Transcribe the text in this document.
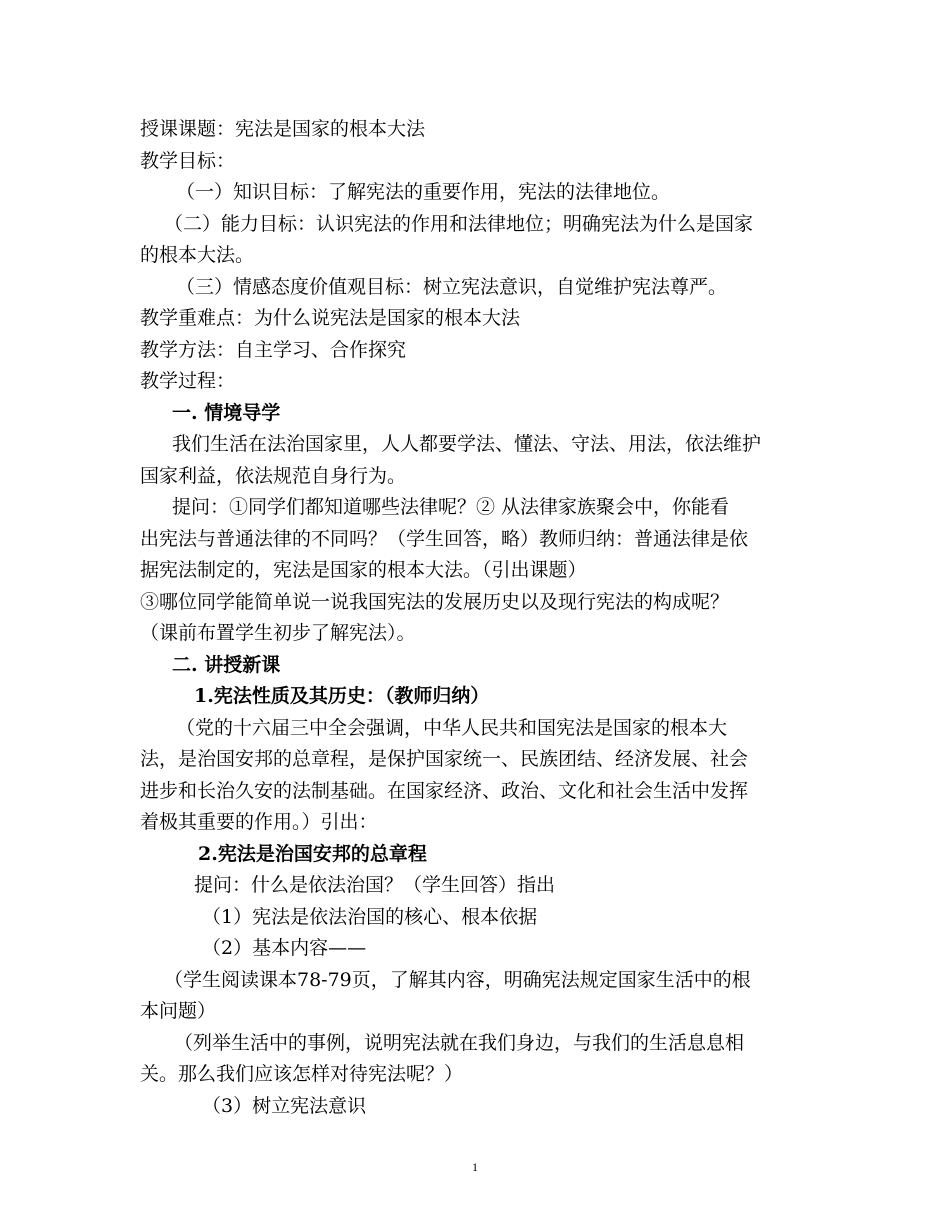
授课课题：宪法是国家的根本大法

教学目标：

（一）知识目标：了解宪法的重要作用，宪法的法律地位。

（二）能力目标：认识宪法的作用和法律地位；明确宪法为什么是国家

的根本大法。

（三）情感态度价值观目标：树立宪法意识，自觉维护宪法尊严。

教学重难点：为什么说宪法是国家的根本大法

教学方法：自主学习、合作探究

教学过程：

一. 情境导学

我们生活在法治国家里，人人都要学法、懂法、守法、用法，依法维护

国家利益，依法规范自身行为。

提问：①同学们都知道哪些法律呢？② 从法律家族聚会中，你能看

出宪法与普通法律的不同吗？（学生回答，略）教师归纳：普通法律是依

据宪法制定的，宪法是国家的根本大法。（引出课题）

③哪位同学能简单说一说我国宪法的发展历史以及现行宪法的构成呢？

（课前布置学生初步了解宪法）。

二. 讲授新课

1.宪法性质及其历史：（教师归纳）

（党的十六届三中全会强调，中华人民共和国宪法是国家的根本大

法，是治国安邦的总章程，是保护国家统一、民族团结、经济发展、社会

进步和长治久安的法制基础。在国家经济、政治、文化和社会生活中发挥

着极其重要的作用。）引出：

2.宪法是治国安邦的总章程

提问：什么是依法治国？（学生回答）指出

（1）宪法是依法治国的核心、根本依据

（2）基本内容——

（学生阅读课本78-79页，了解其内容，明确宪法规定国家生活中的根

本问题）

（列举生活中的事例，说明宪法就在我们身边，与我们的生活息息相

关。那么我们应该怎样对待宪法呢？）

（3）树立宪法意识

1
